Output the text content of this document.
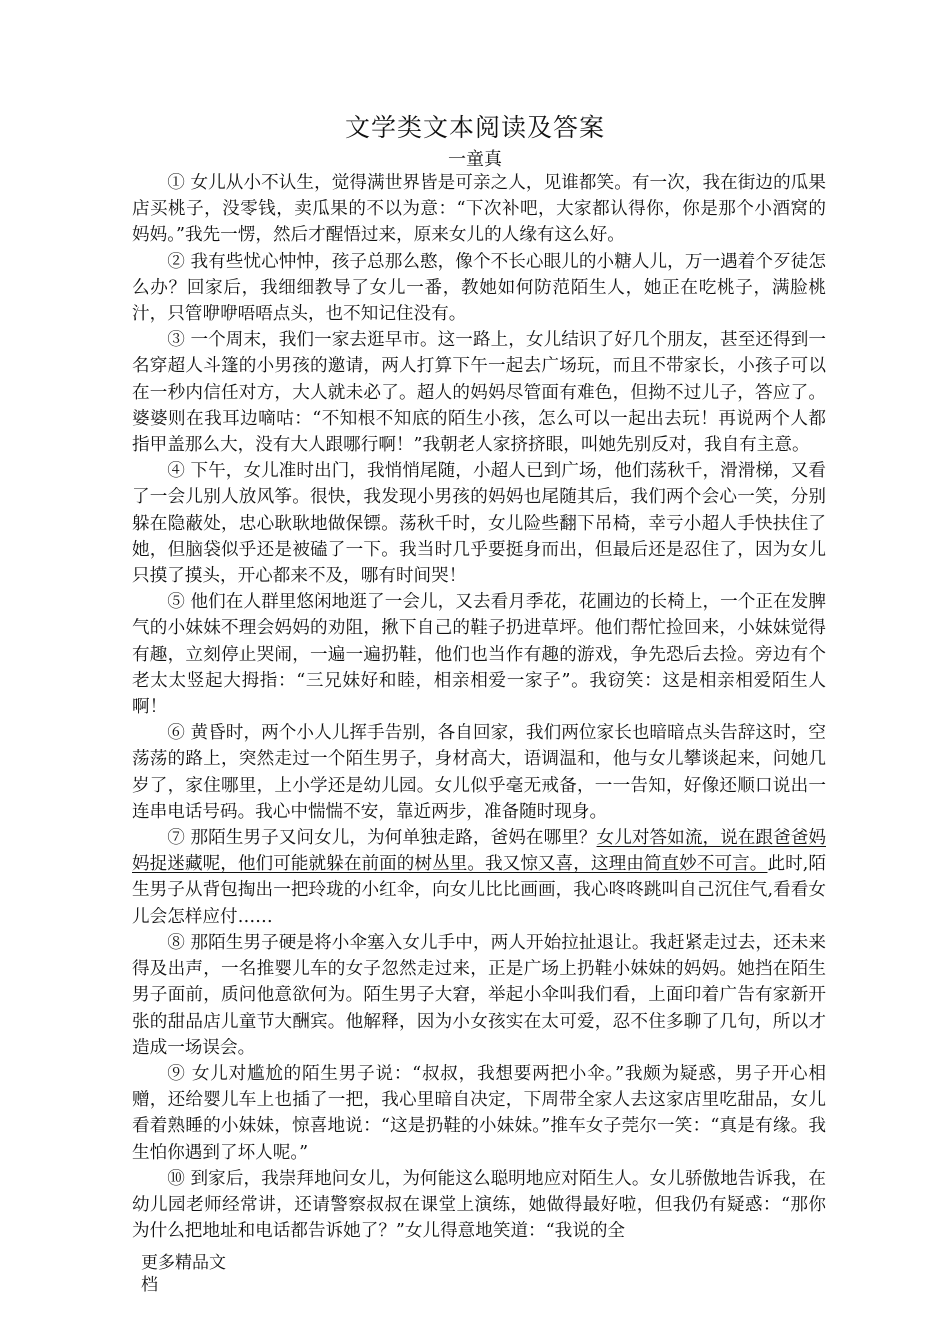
文学类文本阅读及答案
一童真

① 女儿从小不认生，觉得满世界皆是可亲之人，见谁都笑。有一次，我在街边的瓜果店买桃子，没零钱，卖瓜果的不以为意：“下次补吧，大家都认得你，你是那个小酒窝的妈妈。”我先一愣，然后才醒悟过来，原来女儿的人缘有这么好。

② 我有些忧心忡忡，孩子总那么憨，像个不长心眼儿的小糖人儿，万一遇着个歹徒怎么办？回家后，我细细教导了女儿一番，教她如何防范陌生人，她正在吃桃子，满脸桃汁，只管咿咿唔唔点头，也不知记住没有。

③ 一个周末，我们一家去逛早市。这一路上，女儿结识了好几个朋友，甚至还得到一名穿超人斗篷的小男孩的邀请，两人打算下午一起去广场玩，而且不带家长，小孩子可以在一秒内信任对方，大人就未必了。超人的妈妈尽管面有难色，但拗不过儿子，答应了。婆婆则在我耳边嘀咕：“不知根不知底的陌生小孩，怎么可以一起出去玩！再说两个人都指甲盖那么大，没有大人跟哪行啊！”我朝老人家挤挤眼，叫她先别反对，我自有主意。

④ 下午，女儿准时出门，我悄悄尾随，小超人已到广场，他们荡秋千，滑滑梯，又看了一会儿别人放风筝。很快，我发现小男孩的妈妈也尾随其后，我们两个会心一笑，分别躲在隐蔽处，忠心耿耿地做保镖。荡秋千时，女儿险些翻下吊椅，幸亏小超人手快扶住了她，但脑袋似乎还是被磕了一下。我当时几乎要挺身而出，但最后还是忍住了，因为女儿只摸了摸头，开心都来不及，哪有时间哭！

⑤ 他们在人群里悠闲地逛了一会儿，又去看月季花，花圃边的长椅上，一个正在发脾气的小妹妹不理会妈妈的劝阻，揪下自己的鞋子扔进草坪。他们帮忙捡回来，小妹妹觉得有趣，立刻停止哭闹，一遍一遍扔鞋，他们也当作有趣的游戏，争先恐后去捡。旁边有个老太太竖起大拇指：“三兄妹好和睦，相亲相爱一家子”。我窃笑：这是相亲相爱陌生人啊！

⑥ 黄昏时，两个小人儿挥手告别，各自回家，我们两位家长也暗暗点头告辞这时，空荡荡的路上，突然走过一个陌生男子，身材高大，语调温和，他与女儿攀谈起来，问她几岁了，家住哪里，上小学还是幼儿园。女儿似乎毫无戒备，一一告知，好像还顺口说出一连串电话号码。我心中惴惴不安，靠近两步，准备随时现身。

⑦ 那陌生男子又问女儿，为何单独走路，爸妈在哪里？女儿对答如流，说在跟爸爸妈妈捉迷藏呢，他们可能就躲在前面的树丛里。我又惊又喜，这理由简直妙不可言。此时,陌生男子从背包掏出一把玲珑的小红伞，向女儿比比画画，我心咚咚跳叫自己沉住气,看看女儿会怎样应付……

⑧ 那陌生男子硬是将小伞塞入女儿手中，两人开始拉扯退让。我赶紧走过去，还未来得及出声，一名推婴儿车的女子忽然走过来，正是广场上扔鞋小妹妹的妈妈。她挡在陌生男子面前，质问他意欲何为。陌生男子大窘，举起小伞叫我们看，上面印着广告有家新开张的甜品店儿童节大酬宾。他解释，因为小女孩实在太可爱，忍不住多聊了几句，所以才造成一场误会。

⑨ 女儿对尴尬的陌生男子说：“叔叔，我想要两把小伞。”我颇为疑惑，男子开心相赠，还给婴儿车上也插了一把，我心里暗自决定，下周带全家人去这家店里吃甜品，女儿看着熟睡的小妹妹，惊喜地说：“这是扔鞋的小妹妹。”推车女子莞尔一笑：“真是有缘。我生怕你遇到了坏人呢。”

⑩ 到家后，我崇拜地问女儿，为何能这么聪明地应对陌生人。女儿骄傲地告诉我，在幼儿园老师经常讲，还请警察叔叔在课堂上演练，她做得最好啦，但我仍有疑惑：“那你为什么把地址和电话都告诉她了？”女儿得意地笑道：“我说的全

更多精品文档
